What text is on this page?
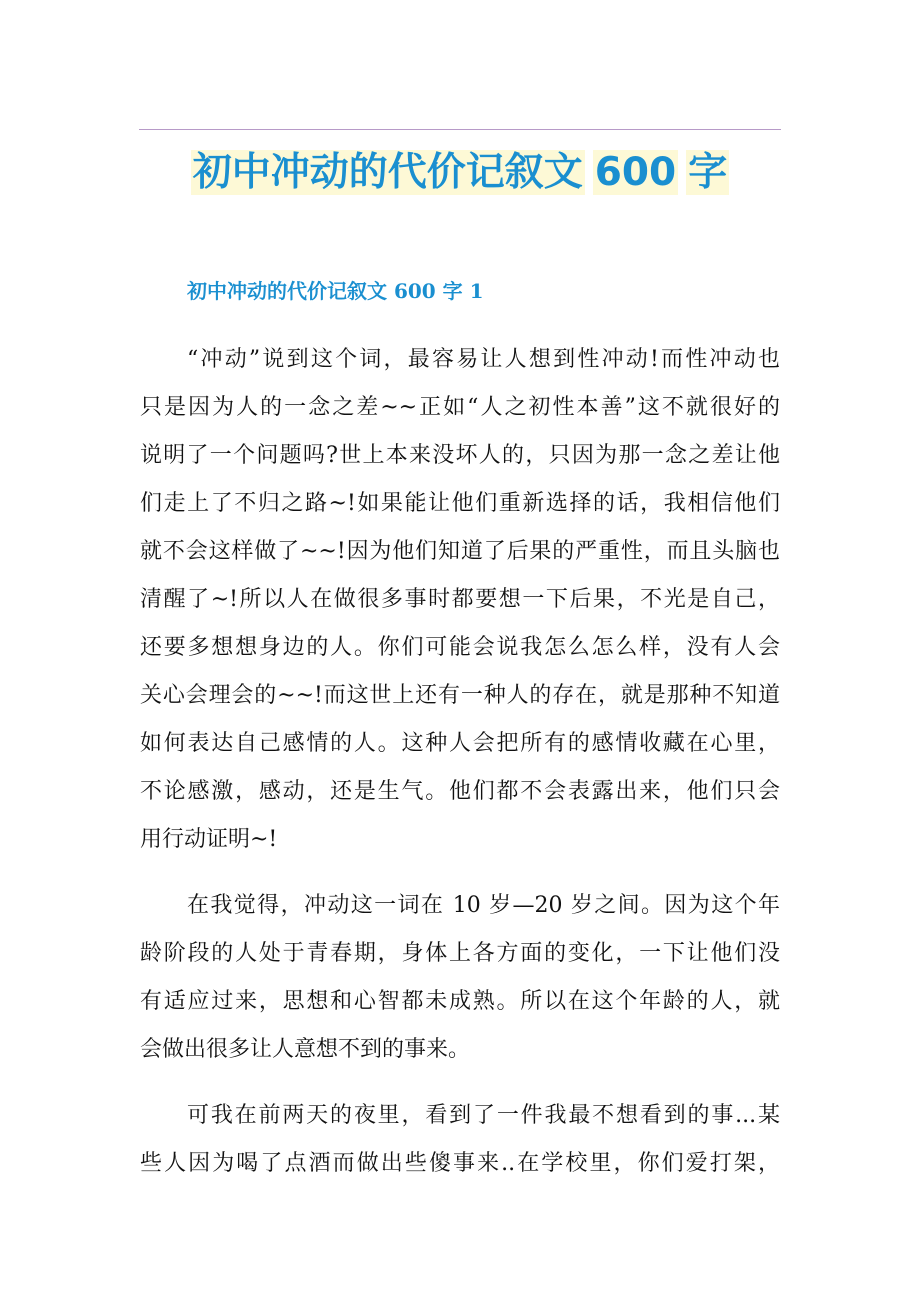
初中冲动的代价记叙文 600 字
初中冲动的代价记叙文 600 字 1

“冲动”说到这个词，最容易让人想到性冲动!而性冲动也
只是因为人的一念之差~~正如“人之初性本善”这不就很好的
说明了一个问题吗?世上本来没坏人的，只因为那一念之差让他
们走上了不归之路~!如果能让他们重新选择的话，我相信他们
就不会这样做了~~!因为他们知道了后果的严重性，而且头脑也
清醒了~!所以人在做很多事时都要想一下后果，不光是自己，
还要多想想身边的人。你们可能会说我怎么怎么样，没有人会
关心会理会的~~!而这世上还有一种人的存在，就是那种不知道
如何表达自己感情的人。这种人会把所有的感情收藏在心里，
不论感激，感动，还是生气。他们都不会表露出来，他们只会
用行动证明~!

在我觉得，冲动这一词在 10 岁—20 岁之间。因为这个年
龄阶段的人处于青春期，身体上各方面的变化，一下让他们没
有适应过来，思想和心智都未成熟。所以在这个年龄的人，就
会做出很多让人意想不到的事来。

可我在前两天的夜里，看到了一件我最不想看到的事...某
些人因为喝了点酒而做出些傻事来..在学校里，你们爱打架，
